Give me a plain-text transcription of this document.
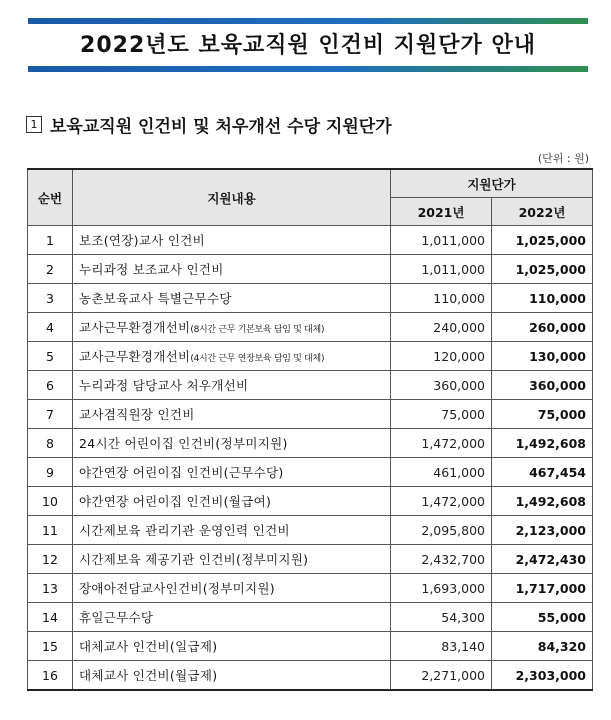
2022년도 보육교직원 인건비 지원단가 안내
1 보육교직원 인건비 및 처우개선 수당 지원단가
(단위 : 원)
순번	지원내용	지원단가	
		2021년	2022년
1	보조(연장)교사 인건비	1,011,000	1,025,000
2	누리과정 보조교사 인건비	1,011,000	1,025,000
3	농촌보육교사 특별근무수당	110,000	110,000
4	교사근무환경개선비(8시간 근무 기본보육 담임 및 대체)	240,000	260,000
5	교사근무환경개선비(4시간 근무 연장보육 담임 및 대체)	120,000	130,000
6	누리과정 담당교사 처우개선비	360,000	360,000
7	교사겸직원장 인건비	75,000	75,000
8	24시간 어린이집 인건비(정부미지원)	1,472,000	1,492,608
9	야간연장 어린이집 인건비(근무수당)	461,000	467,454
10	야간연장 어린이집 인건비(월급여)	1,472,000	1,492,608
11	시간제보육 관리기관 운영인력 인건비	2,095,800	2,123,000
12	시간제보육 제공기관 인건비(정부미지원)	2,432,700	2,472,430
13	장애아전담교사인건비(정부미지원)	1,693,000	1,717,000
14	휴일근무수당	54,300	55,000
15	대체교사 인건비(일급제)	83,140	84,320
16	대체교사 인건비(월급제)	2,271,000	2,303,000
